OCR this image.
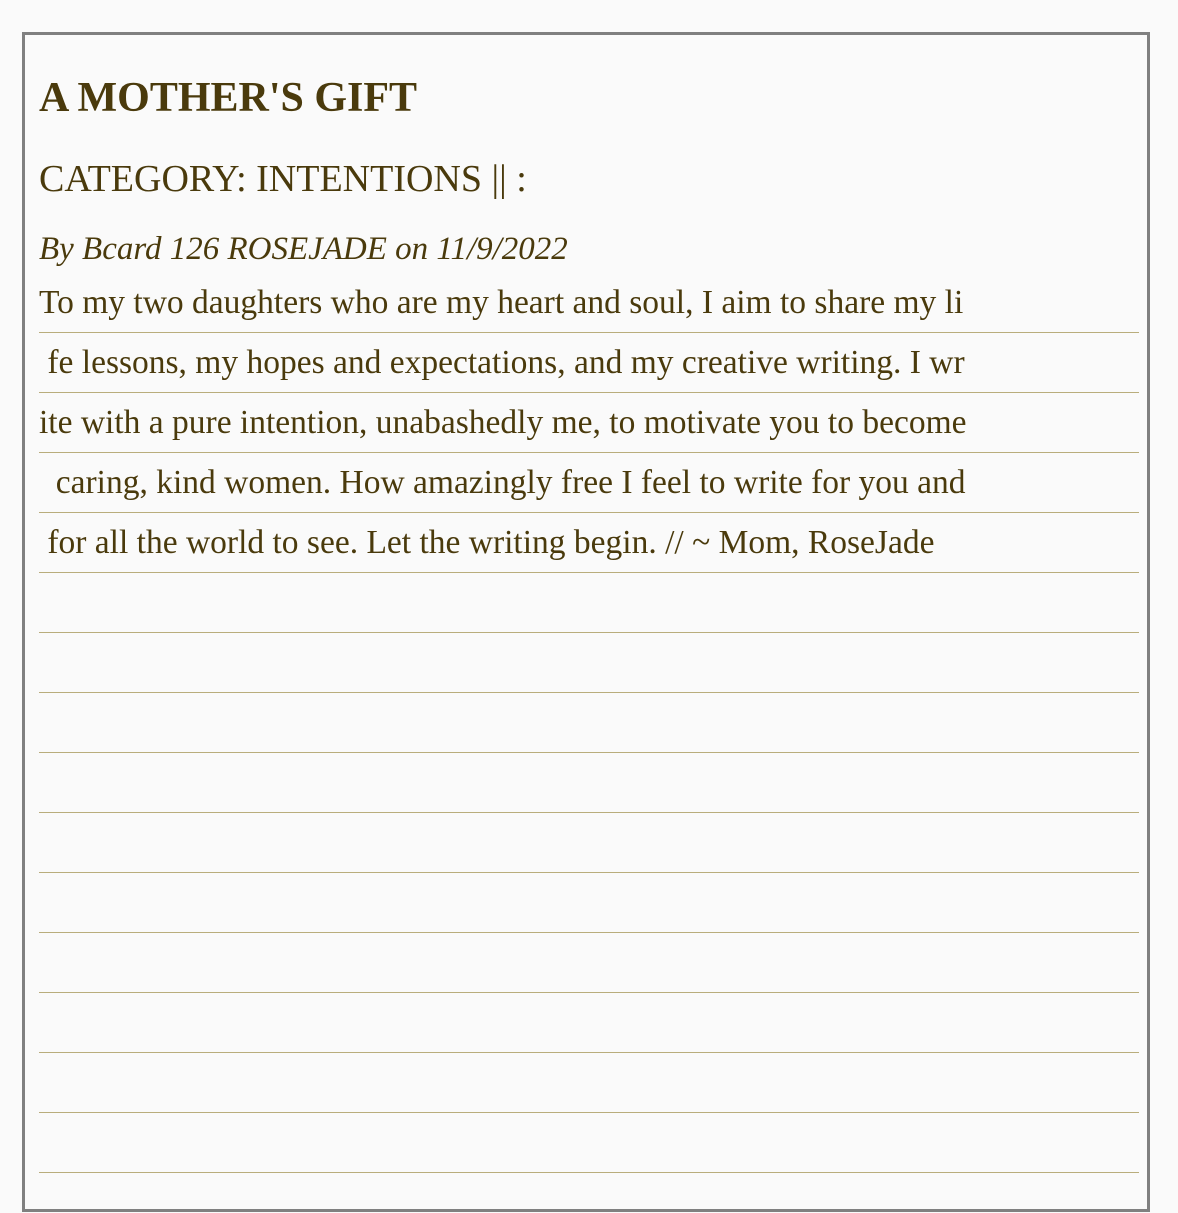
A MOTHER'S GIFT
CATEGORY: INTENTIONS || :
By Bcard 126 ROSEJADE on 11/9/2022

To my two daughters who are my heart and soul, I aim to share my li
fe lessons, my hopes and expectations, and my creative writing. I wr
ite with a pure intention, unabashedly me, to motivate you to become
caring, kind women. How amazingly free I feel to write for you and
for all the world to see. Let the writing begin. // ~ Mom, RoseJade
